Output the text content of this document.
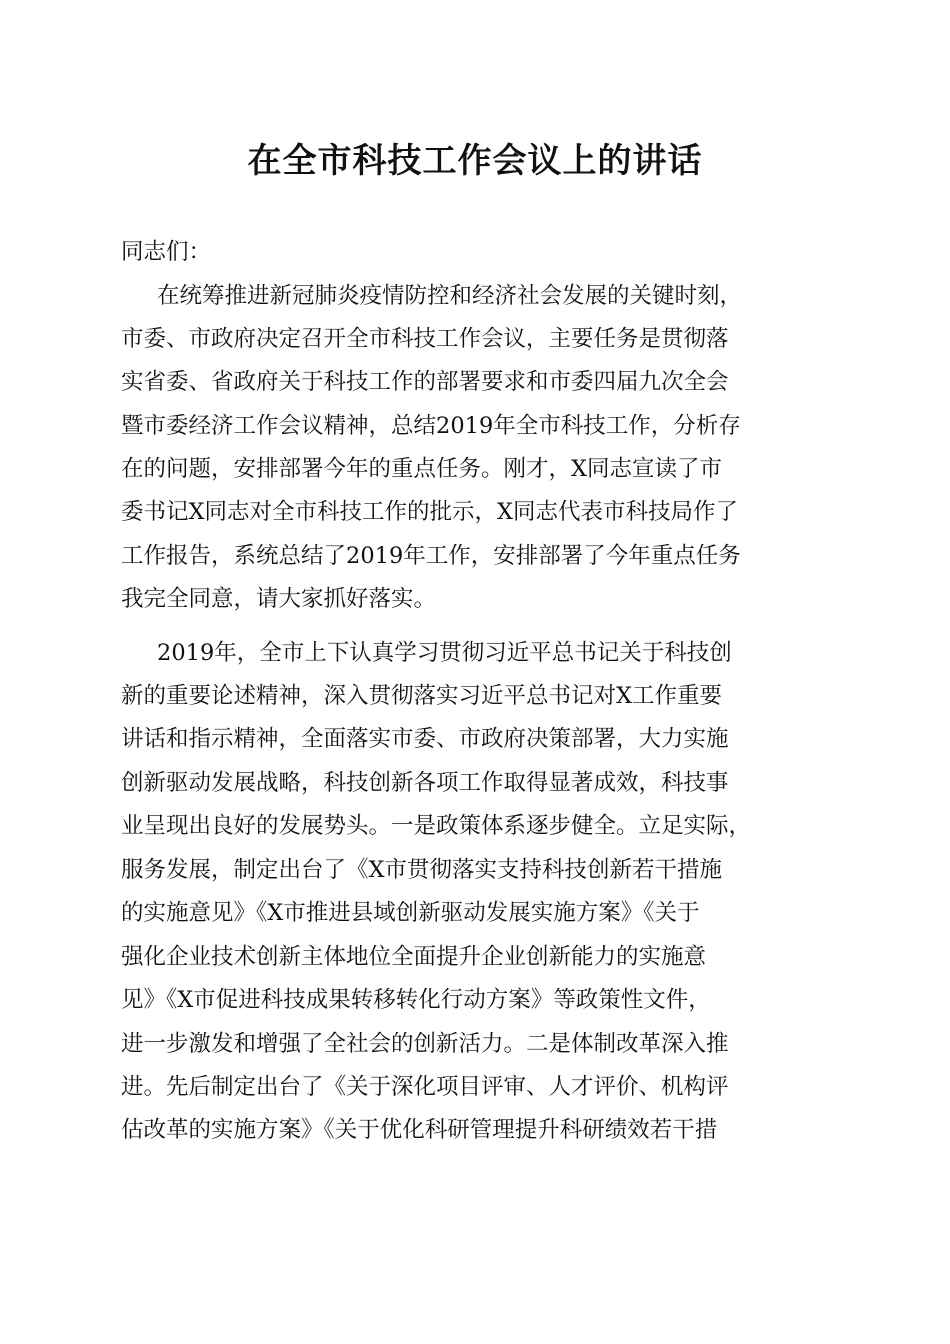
在全市科技工作会议上的讲话
同志们：
在统筹推进新冠肺炎疫情防控和经济社会发展的关键时刻，
市委、市政府决定召开全市科技工作会议，主要任务是贯彻落
实省委、省政府关于科技工作的部署要求和市委四届九次全会
暨市委经济工作会议精神，总结2019年全市科技工作，分析存
在的问题，安排部署今年的重点任务。刚才，X同志宣读了市
委书记X同志对全市科技工作的批示，X同志代表市科技局作了
工作报告，系统总结了2019年工作，安排部署了今年重点任务
我完全同意，请大家抓好落实。
2019年，全市上下认真学习贯彻习近平总书记关于科技创
新的重要论述精神，深入贯彻落实习近平总书记对X工作重要
讲话和指示精神，全面落实市委、市政府决策部署，大力实施
创新驱动发展战略，科技创新各项工作取得显著成效，科技事
业呈现出良好的发展势头。一是政策体系逐步健全。立足实际，
服务发展，制定出台了《X市贯彻落实支持科技创新若干措施
的实施意见》《X市推进县域创新驱动发展实施方案》《关于
强化企业技术创新主体地位全面提升企业创新能力的实施意
见》《X市促进科技成果转移转化行动方案》等政策性文件，
进一步激发和增强了全社会的创新活力。二是体制改革深入推
进。先后制定出台了《关于深化项目评审、人才评价、机构评
估改革的实施方案》《关于优化科研管理提升科研绩效若干措
